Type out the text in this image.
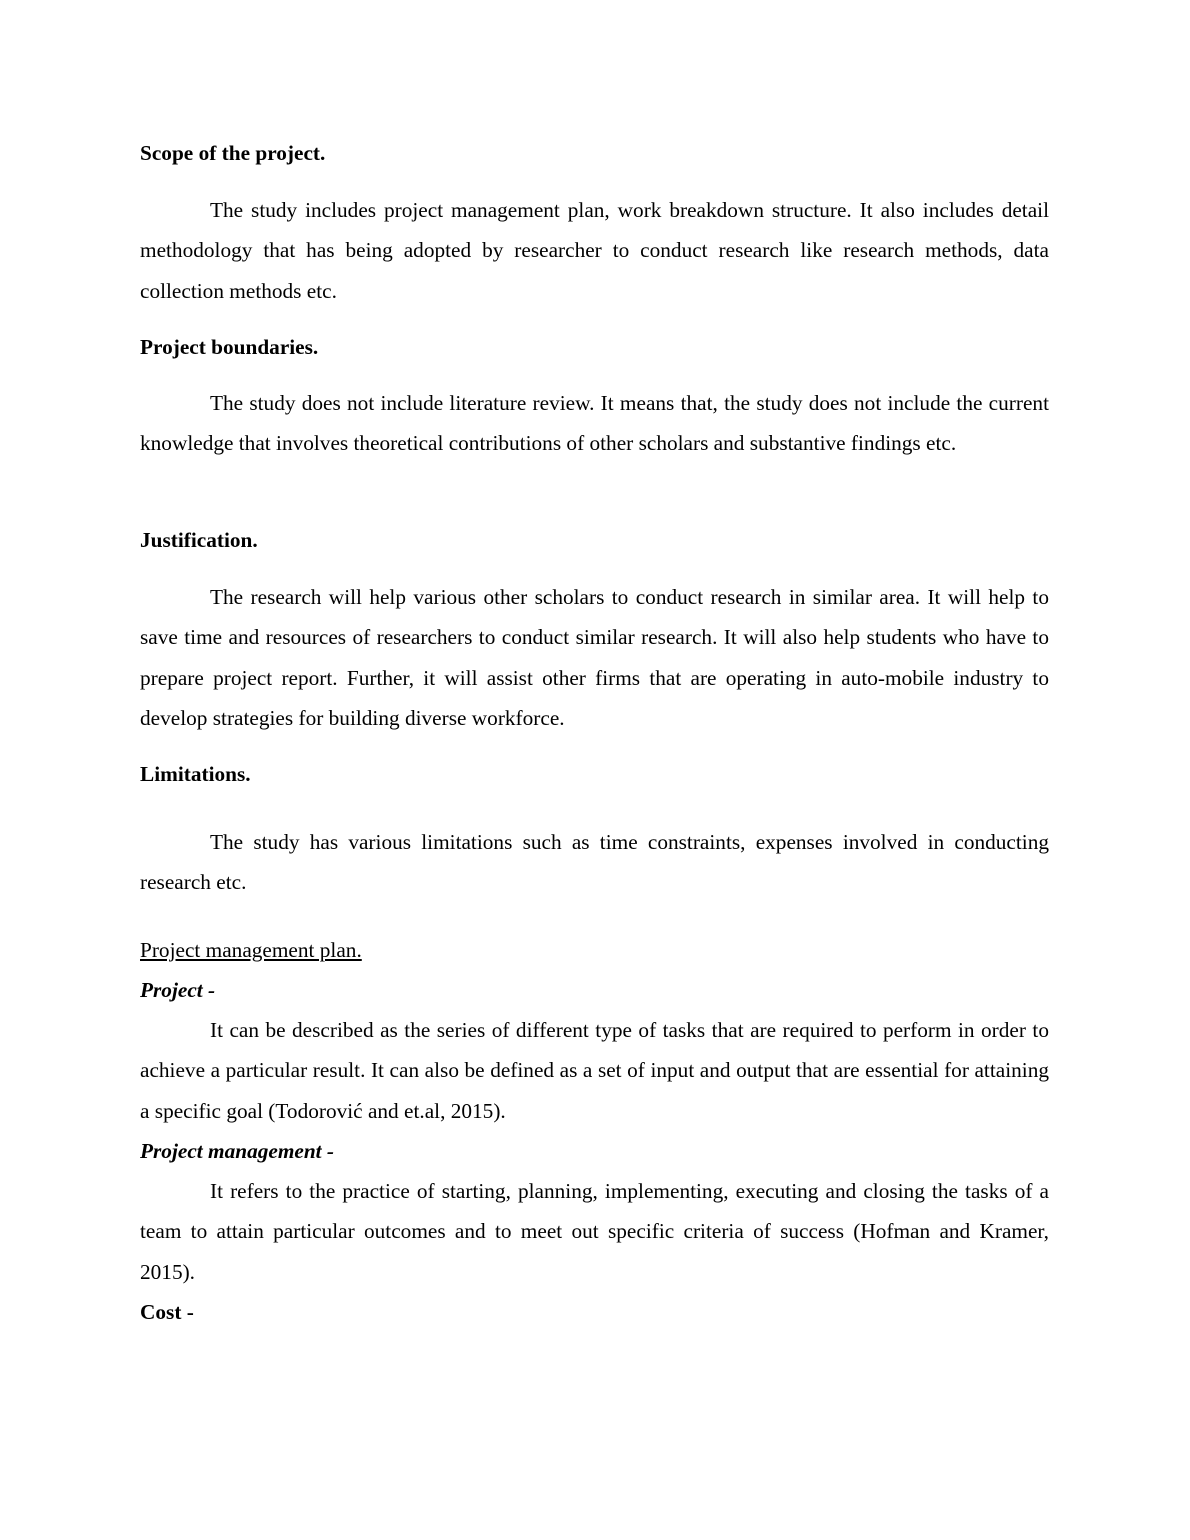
Scope of the project.

The study includes project management plan, work breakdown structure. It also includes detail methodology that has being adopted by researcher to conduct research like research methods, data collection methods etc.

Project boundaries.

The study does not include literature review. It means that, the study does not include the current knowledge that involves theoretical contributions of other scholars and substantive findings etc.

Justification.

The research will help various other scholars to conduct research in similar area. It will help to save time and resources of researchers to conduct similar research. It will also help students who have to prepare project report. Further, it will assist other firms that are operating in auto-mobile industry to develop strategies for building diverse workforce.

Limitations.

The study has various limitations such as time constraints, expenses involved in conducting research etc.

Project management plan.

Project -

It can be described as the series of different type of tasks that are required to perform in order to achieve a particular result. It can also be defined as a set of input and output that are essential for attaining a specific goal (Todorović and et.al, 2015).

Project management -

It refers to the practice of starting, planning, implementing, executing and closing the tasks of a team to attain particular outcomes and to meet out specific criteria of success (Hofman and Kramer, 2015).

Cost -
